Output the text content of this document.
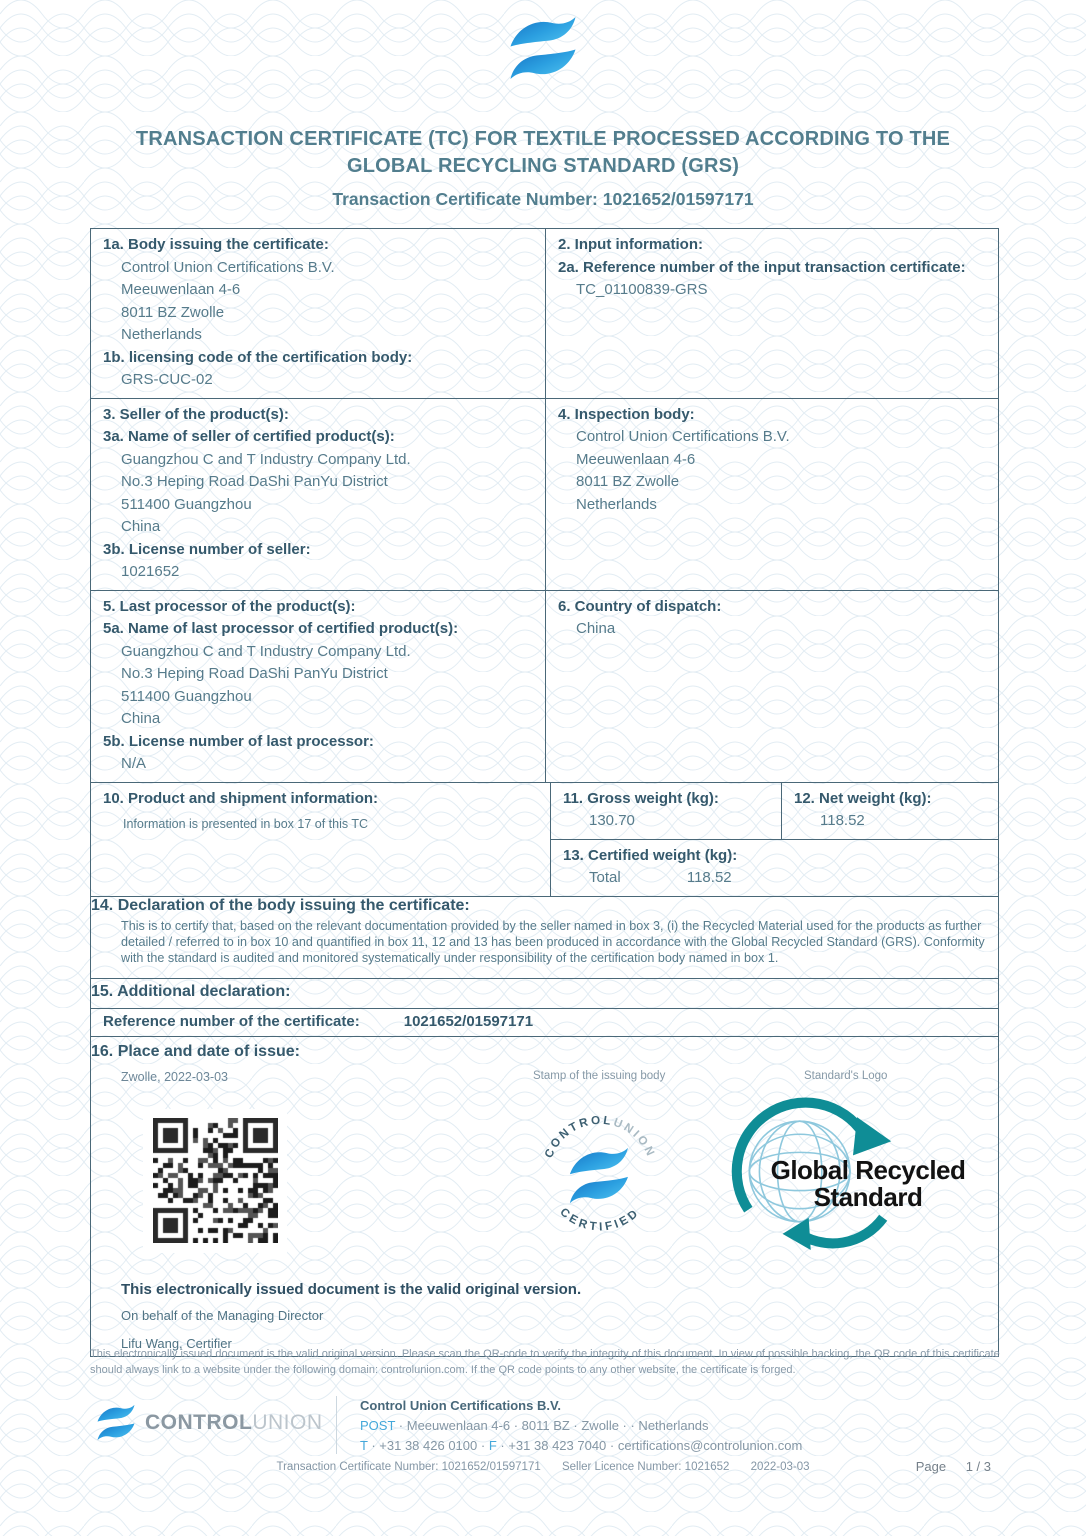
TRANSACTION CERTIFICATE (TC) FOR TEXTILE PROCESSED ACCORDING TO THE
GLOBAL RECYCLING STANDARD (GRS)
Transaction Certificate Number: 1021652/01597171
1a. Body issuing the certificate:
Control Union Certifications B.V.
Meeuwenlaan 4-6
8011 BZ Zwolle
Netherlands
1b. licensing code of the certification body:
GRS-CUC-02
2. Input information:
2a. Reference number of the input transaction certificate:
TC_01100839-GRS
3. Seller of the product(s):
3a. Name of seller of certified product(s):
Guangzhou C and T Industry Company Ltd.
No.3 Heping Road DaShi PanYu District
511400 Guangzhou
China
3b. License number of seller:
1021652
4. Inspection body:
Control Union Certifications B.V.
Meeuwenlaan 4-6
8011 BZ Zwolle
Netherlands
5. Last processor of the product(s):
5a. Name of last processor of certified product(s):
Guangzhou C and T Industry Company Ltd.
No.3 Heping Road DaShi PanYu District
511400 Guangzhou
China
5b. License number of last processor:
N/A
6. Country of dispatch:
China
10. Product and shipment information:
Information is presented in box 17 of this TC
11. Gross weight (kg):
130.70
12. Net weight (kg):
118.52
13. Certified weight (kg):
Total	118.52
14. Declaration of the body issuing the certificate:
This is to certify that, based on the relevant documentation provided by the seller named in box 3, (i) the Recycled Material used for the products as further detailed / referred to in box 10 and quantified in box 11, 12 and 13 has been produced in accordance with the Global Recycled Standard (GRS). Conformity with the standard is audited and monitored systematically under responsibility of the certification body named in box 1.
15. Additional declaration:
Reference number of the certificate:	1021652/01597171
16. Place and date of issue:
Zwolle, 2022-03-03	Stamp of the issuing body	Standard's Logo
CONTROLUNION
CERTIFIED
Global Recycled
Standard
This electronically issued document is the valid original version.
On behalf of the Managing Director
Lifu Wang, Certifier
This electronically issued document is the valid original version. Please scan the QR-code to verify the integrity of this document. In view of possible hacking, the QR code of this certificate should always link to a website under the following domain: controlunion.com. If the QR code points to any other website, the certificate is forged.
CONTROLUNION
Control Union Certifications B.V.
POST · Meeuwenlaan 4-6 · 8011 BZ · Zwolle · · Netherlands
T · +31 38 426 0100 · F · +31 38 423 7040 · certifications@controlunion.com
Transaction Certificate Number: 1021652/01597171 Seller Licence Number: 1021652 2022-03-03	Page 1 / 3
